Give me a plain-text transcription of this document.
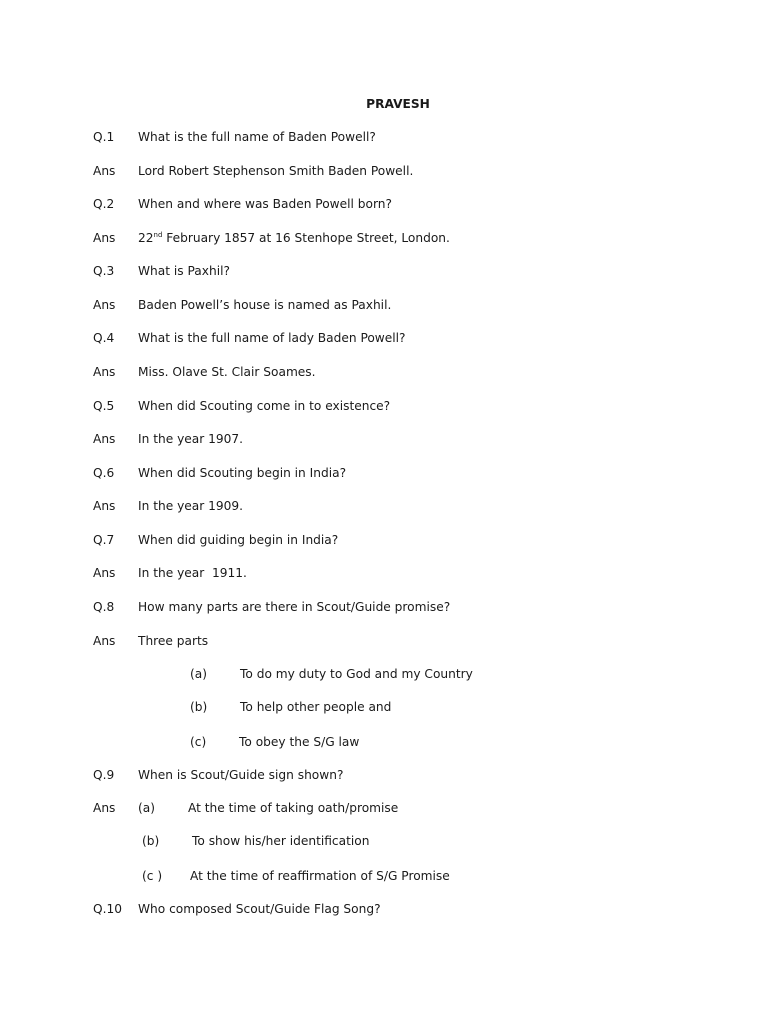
PRAVESH
Q.1 What is the full name of Baden Powell?
Ans Lord Robert Stephenson Smith Baden Powell.
Q.2 When and where was Baden Powell born?
Ans 22nd February 1857 at 16 Stenhope Street, London.
Q.3 What is Paxhil?
Ans Baden Powell’s house is named as Paxhil.
Q.4 What is the full name of lady Baden Powell?
Ans Miss. Olave St. Clair Soames.
Q.5 When did Scouting come in to existence?
Ans In the year 1907.
Q.6 When did Scouting begin in India?
Ans In the year 1909.
Q.7 When did guiding begin in India?
Ans In the year  1911.
Q.8 How many parts are there in Scout/Guide promise?
Ans Three parts
(a)	To do my duty to God and my Country
(b)	To help other people and
(c)	To obey the S/G law
Q.9 When is Scout/Guide sign shown?
Ans (a)	At the time of taking oath/promise
(b)	To show his/her identification
(c ) At the time of reaffirmation of S/G Promise
Q.10 Who composed Scout/Guide Flag Song?
